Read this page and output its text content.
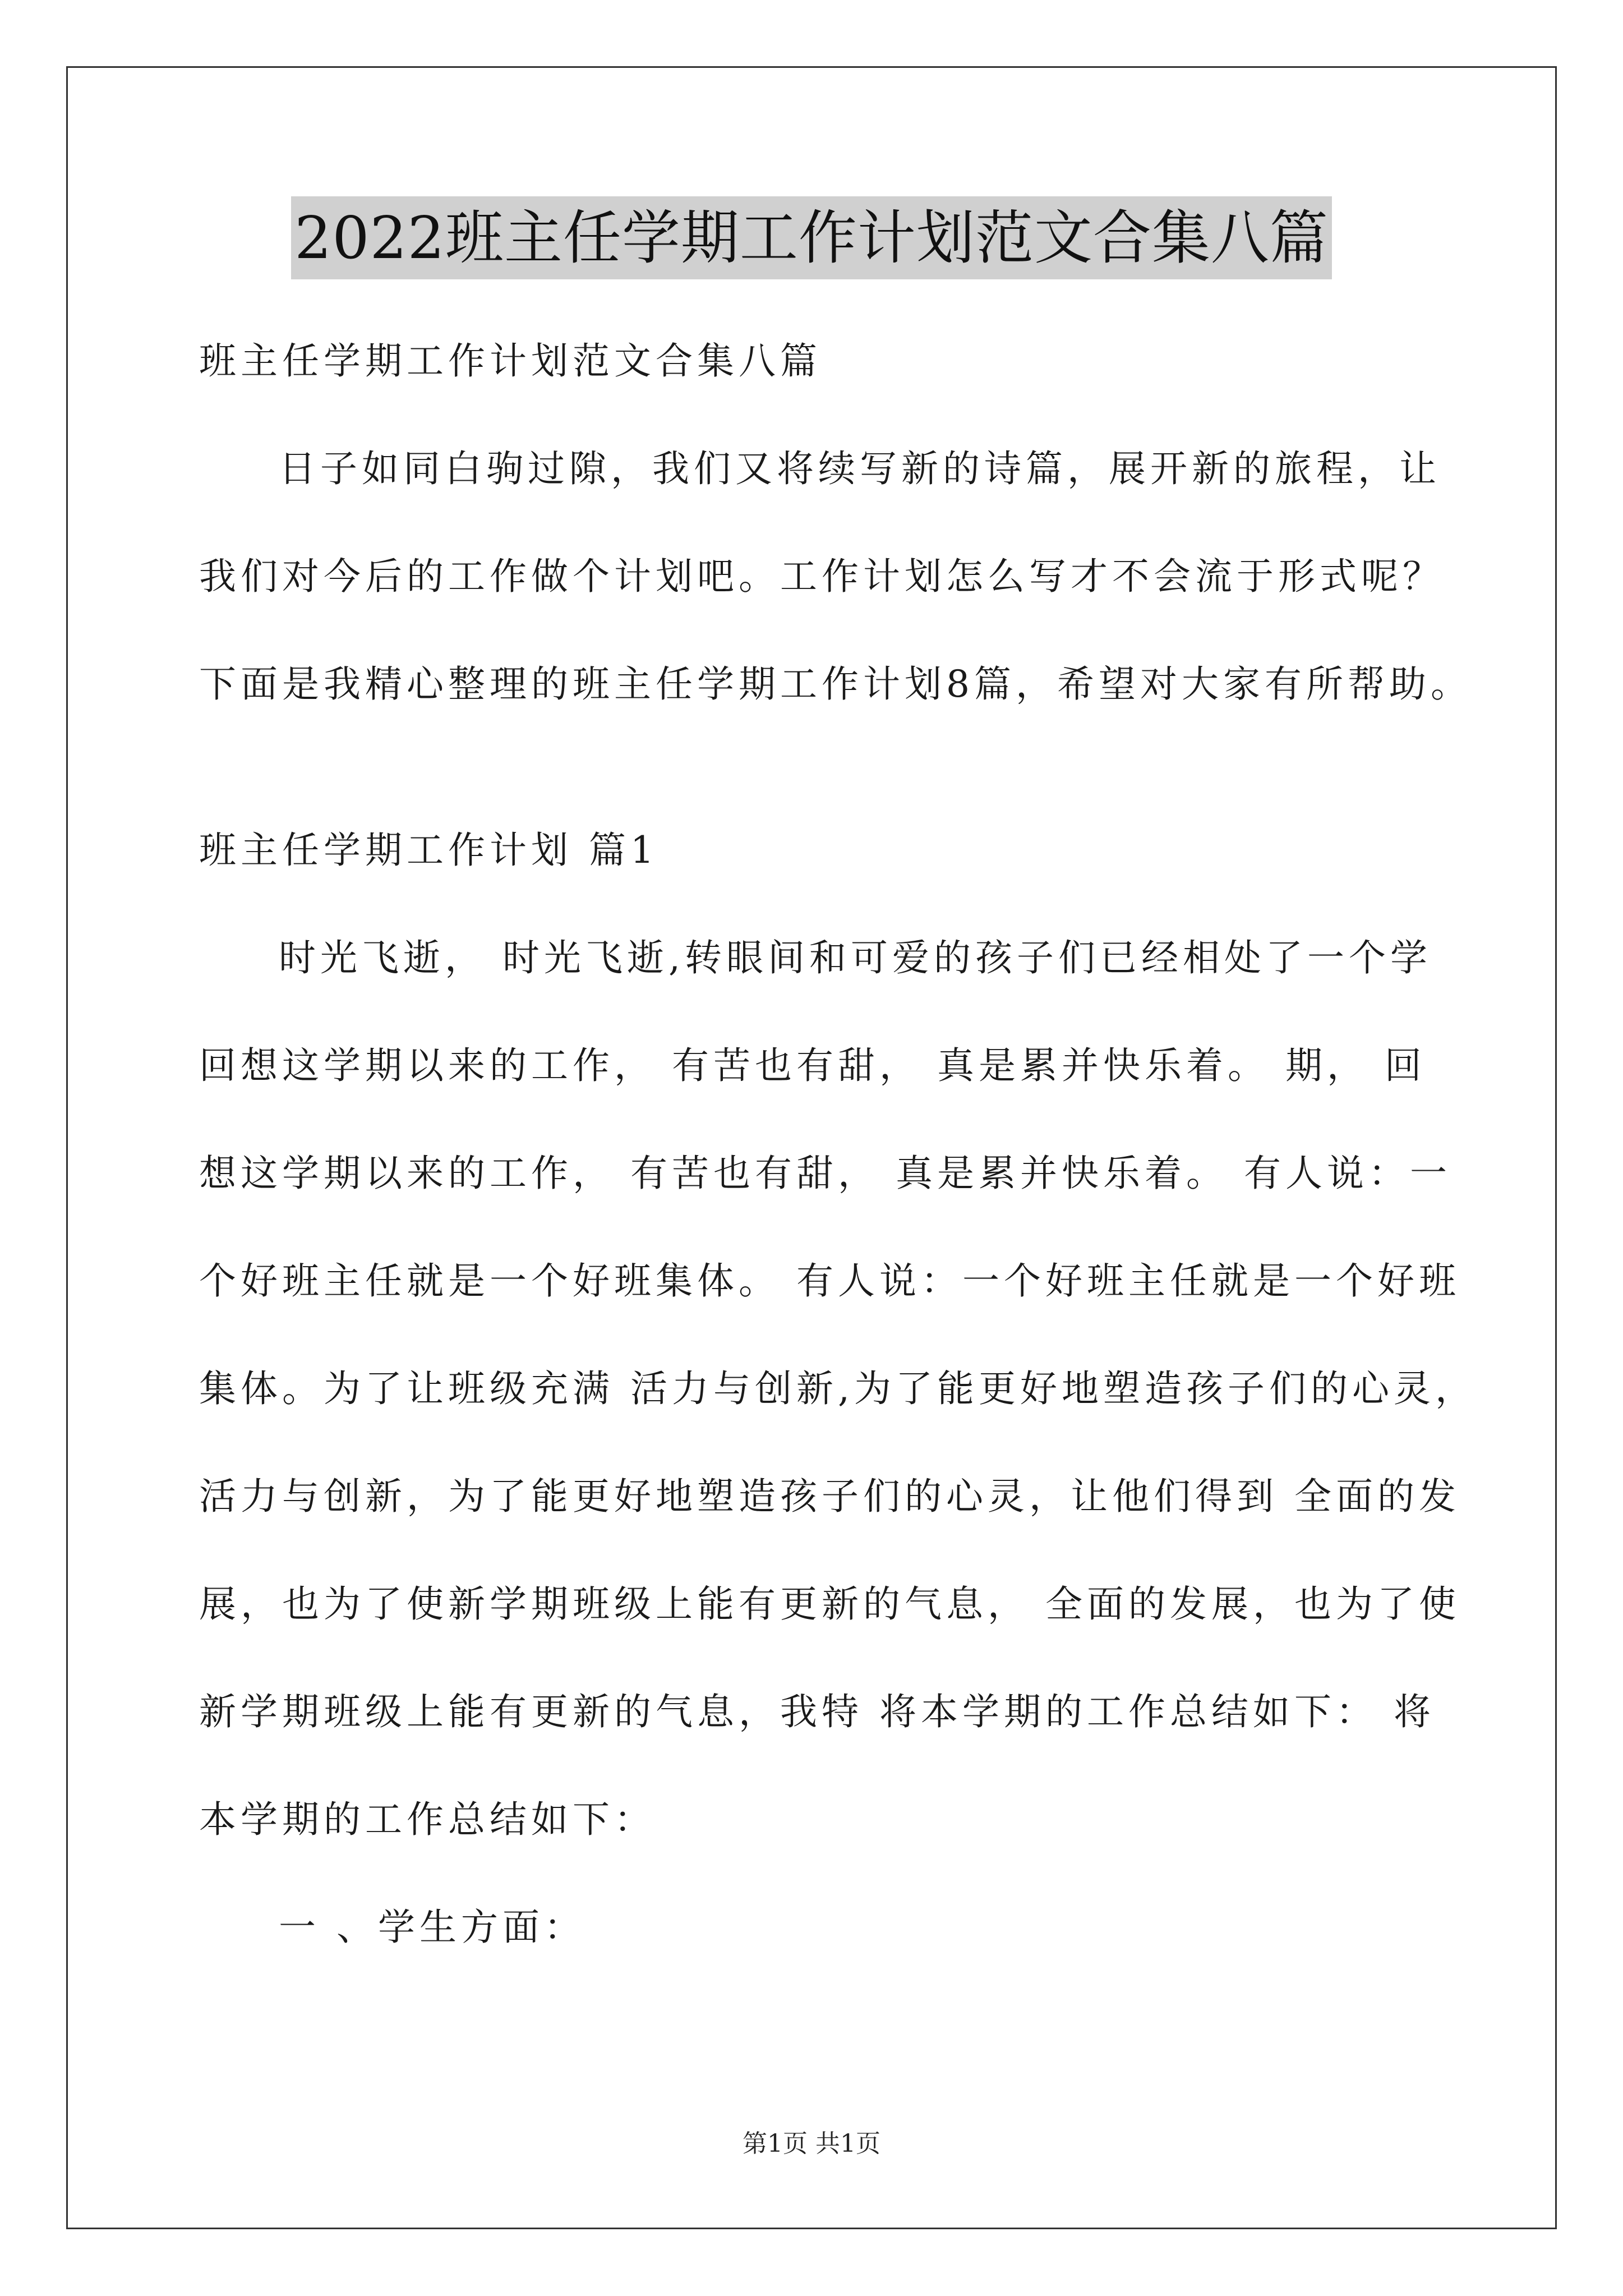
2022班主任学期工作计划范文合集八篇
班主任学期工作计划范文合集八篇
日子如同白驹过隙，我们又将续写新的诗篇，展开新的旅程，让
我们对今后的工作做个计划吧。工作计划怎么写才不会流于形式呢？
下面是我精心整理的班主任学期工作计划8篇，希望对大家有所帮助。
班主任学期工作计划 篇1
时光飞逝， 时光飞逝,转眼间和可爱的孩子们已经相处了一个学
回想这学期以来的工作， 有苦也有甜， 真是累并快乐着。 期， 回
想这学期以来的工作， 有苦也有甜， 真是累并快乐着。 有人说：一
个好班主任就是一个好班集体。 有人说：一个好班主任就是一个好班
集体。为了让班级充满 活力与创新,为了能更好地塑造孩子们的心灵，
活力与创新，为了能更好地塑造孩子们的心灵，让他们得到 全面的发
展，也为了使新学期班级上能有更新的气息， 全面的发展，也为了使
新学期班级上能有更新的气息，我特 将本学期的工作总结如下： 将
本学期的工作总结如下：
一 、学生方面：
第1页 共1页
